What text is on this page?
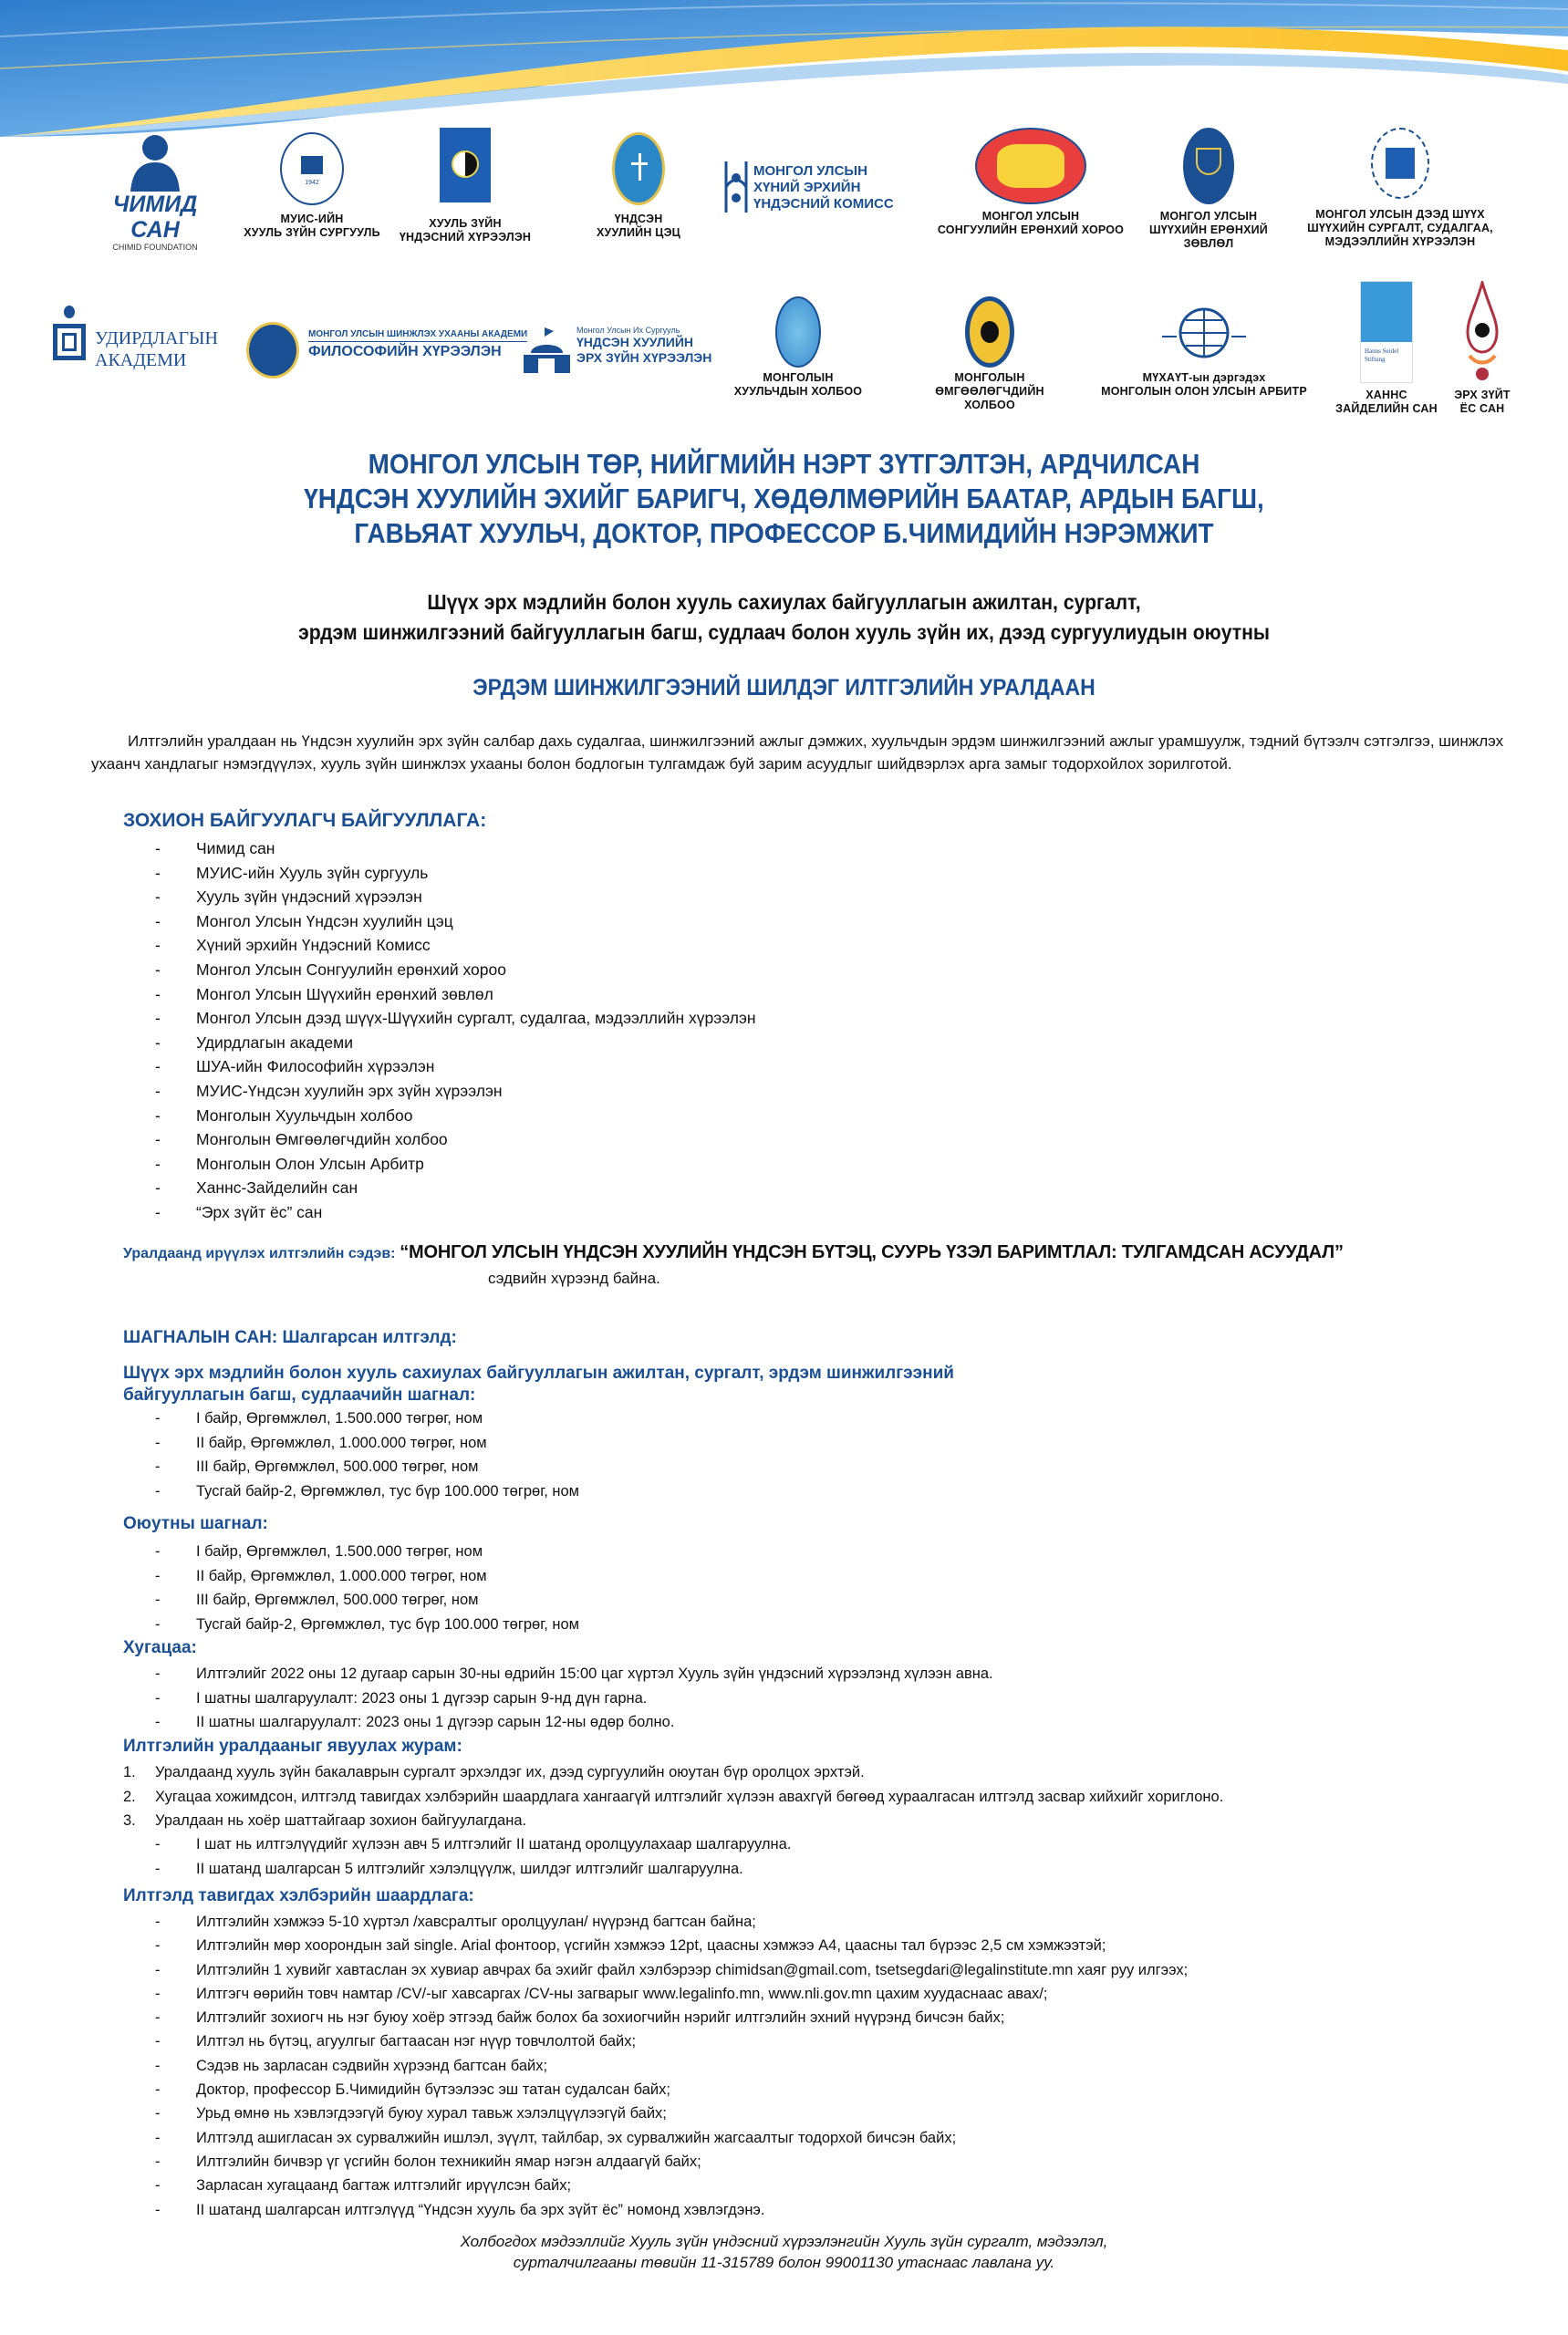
ЧИМИД САН
CHIMID FOUNDATION
1942
МУИС-ИЙН
ХУУЛЬ ЗҮЙН СУРГУУЛЬ
ХУУЛЬ ЗҮЙН
ҮНДЭСНИЙ ХҮРЭЭЛЭН
ҮНДСЭН
ХУУЛИЙН ЦЭЦ
МОНГОЛ УЛСЫН
ХҮНИЙ ЭРХИЙН
ҮНДЭСНИЙ КОМИСС
МОНГОЛ УЛСЫН
СОНГУУЛИЙН ЕРӨНХИЙ ХОРОО
МОНГОЛ УЛСЫН
ШҮҮХИЙН ЕРӨНХИЙ
ЗӨВЛӨЛ
МОНГОЛ УЛСЫН ДЭЭД ШҮҮХ
ШҮҮХИЙН СУРГАЛТ, СУДАЛГАА,
МЭДЭЭЛЛИЙН ХҮРЭЭЛЭН
УДИРДЛАГЫН
АКАДЕМИ
МОНГОЛ УЛСЫН ШИНЖЛЭХ УХААНЫ АКАДЕМИ
ФИЛОСОФИЙН ХҮРЭЭЛЭН
Монгол Улсын Их Сургууль
ҮНДСЭН ХУУЛИЙН
ЭРХ ЗҮЙН ХҮРЭЭЛЭН
МОНГОЛЫН
ХУУЛЬЧДЫН ХОЛБОО
МОНГОЛЫН
ӨМГӨӨЛӨГЧДИЙН ХОЛБОО
МҮХАҮТ-ын дэргэдэх
МОНГОЛЫН ОЛОН УЛСЫН АРБИТР
Hanns Seidel Stiftung
ХАННС
ЗАЙДЕЛИЙН САН
ЭРХ ЗҮЙТ
ЁС САН
МОНГОЛ УЛСЫН ТӨР, НИЙГМИЙН НЭРТ ЗҮТГЭЛТЭН, АРДЧИЛСАН
ҮНДСЭН ХУУЛИЙН ЭХИЙГ БАРИГЧ, ХӨДӨЛМӨРИЙН БААТАР, АРДЫН БАГШ,
ГАВЬЯАТ ХУУЛЬЧ, ДОКТОР, ПРОФЕССОР Б.ЧИМИДИЙН НЭРЭМЖИТ
Шүүх эрх мэдлийн болон хууль сахиулах байгууллагын ажилтан, сургалт,
эрдэм шинжилгээний байгууллагын багш, судлаач болон хууль зүйн их, дээд сургуулиудын оюутны
ЭРДЭМ ШИНЖИЛГЭЭНИЙ ШИЛДЭГ ИЛТГЭЛИЙН УРАЛДААН

Илтгэлийн уралдаан нь Үндсэн хуулийн эрх зүйн салбар дахь судалгаа, шинжилгээний ажлыг дэмжих, хуульчдын эрдэм шинжилгээний ажлыг урамшуулж, тэдний бүтээлч сэтгэлгээ, шинжлэх ухаанч хандлагыг нэмэгдүүлэх, хууль зүйн шинжлэх ухааны болон бодлогын тулгамдаж буй зарим асуудлыг шийдвэрлэх арга замыг тодорхойлох зорилготой.

ЗОХИОН БАЙГУУЛАГЧ БАЙГУУЛЛАГА:
- Чимид сан
- МУИС-ийн Хууль зүйн сургууль
- Хууль зүйн үндэсний хүрээлэн
- Монгол Улсын Үндсэн хуулийн цэц
- Хүний эрхийн Үндэсний Комисс
- Монгол Улсын Сонгуулийн ерөнхий хороо
- Монгол Улсын Шүүхийн ерөнхий зөвлөл
- Монгол Улсын дээд шүүх-Шүүхийн сургалт, судалгаа, мэдээллийн хүрээлэн
- Удирдлагын академи
- ШУА-ийн Философийн хүрээлэн
- МУИС-Үндсэн хуулийн эрх зүйн хүрээлэн
- Монголын Хуульчдын холбоо
- Монголын Өмгөөлөгчдийн холбоо
- Монголын Олон Улсын Арбитр
- Ханнс-Зайделийн сан
- “Эрх зүйт ёс” сан
Уралдаанд ирүүлэх илтгэлийн сэдэв: “МОНГОЛ УЛСЫН ҮНДСЭН ХУУЛИЙН ҮНДСЭН БҮТЭЦ, СУУРЬ ҮЗЭЛ БАРИМТЛАЛ: ТУЛГАМДСАН АСУУДАЛ”
сэдвийн хүрээнд байна.
ШАГНАЛЫН САН: Шалгарсан илтгэлд:
Шүүх эрх мэдлийн болон хууль сахиулах байгууллагын ажилтан, сургалт, эрдэм шинжилгээний
байгууллагын багш, судлаачийн шагнал:
- I байр, Өргөмжлөл, 1.500.000 төгрөг, ном
- II байр, Өргөмжлөл, 1.000.000 төгрөг, ном
- III байр, Өргөмжлөл, 500.000 төгрөг, ном
- Тусгай байр-2, Өргөмжлөл, тус бүр 100.000 төгрөг, ном
Оюутны шагнал:
- I байр, Өргөмжлөл, 1.500.000 төгрөг, ном
- II байр, Өргөмжлөл, 1.000.000 төгрөг, ном
- III байр, Өргөмжлөл, 500.000 төгрөг, ном
- Тусгай байр-2, Өргөмжлөл, тус бүр 100.000 төгрөг, ном
Хугацаа:
- Илтгэлийг 2022 оны 12 дугаар сарын 30-ны өдрийн 15:00 цаг хүртэл Хууль зүйн үндэсний хүрээлэнд хүлээн авна.
- I шатны шалгаруулалт: 2023 оны 1 дүгээр сарын 9-нд дүн гарна.
- II шатны шалгаруулалт: 2023 оны 1 дүгээр сарын 12-ны өдөр болно.
Илтгэлийн уралдааныг явуулах журам:
1. Уралдаанд хууль зүйн бакалаврын сургалт эрхэлдэг их, дээд сургуулийн оюутан бүр оролцох эрхтэй.
2. Хугацаа хожимдсон, илтгэлд тавигдах хэлбэрийн шаардлага хангаагүй илтгэлийг хүлээн авахгүй бөгөөд хураалгасан илтгэлд засвар хийхийг хориглоно.
3. Уралдаан нь хоёр шаттайгаар зохион байгуулагдана.
- I шат нь илтгэлүүдийг хүлээн авч 5 илтгэлийг II шатанд оролцуулахаар шалгаруулна.
- II шатанд шалгарсан 5 илтгэлийг хэлэлцүүлж, шилдэг илтгэлийг шалгаруулна.
Илтгэлд тавигдах хэлбэрийн шаардлага:
- Илтгэлийн хэмжээ 5-10 хүртэл /хавсралтыг оролцуулан/ нүүрэнд багтсан байна;
- Илтгэлийн мөр хоорондын зай single. Arial фонтоор, үсгийн хэмжээ 12pt, цаасны хэмжээ A4, цаасны тал бүрээс 2,5 см хэмжээтэй;
- Илтгэлийн 1 хувийг хавтаслан эх хувиар авчрах ба эхийг файл хэлбэрээр chimidsan@gmail.com, tsetsegdari@legalinstitute.mn хаяг руу илгээх;
- Илтгэгч өөрийн товч намтар /CV/-ыг хавсаргах /CV-ны загварыг www.legalinfo.mn, www.nli.gov.mn цахим хуудаснаас авах/;
- Илтгэлийг зохиогч нь нэг буюу хоёр этгээд байж болох ба зохиогчийн нэрийг илтгэлийн эхний нүүрэнд бичсэн байх;
- Илтгэл нь бүтэц, агуулгыг багтаасан нэг нүүр товчлолтой байх;
- Сэдэв нь зарласан сэдвийн хүрээнд багтсан байх;
- Доктор, профессор Б.Чимидийн бүтээлээс эш татан судалсан байх;
- Урьд өмнө нь хэвлэгдээгүй буюу хурал тавьж хэлэлцүүлээгүй байх;
- Илтгэлд ашигласан эх сурвалжийн ишлэл, зүүлт, тайлбар, эх сурвалжийн жагсаалтыг тодорхой бичсэн байх;
- Илтгэлийн бичвэр үг үсгийн болон техникийн ямар нэгэн алдаагүй байх;
- Зарласан хугацаанд багтаж илтгэлийг ирүүлсэн байх;
- II шатанд шалгарсан илтгэлүүд “Үндсэн хууль ба эрх зүйт ёс” номонд хэвлэгдэнэ.
Холбогдох мэдээллийг Хууль зүйн үндэсний хүрээлэнгийн Хууль зүйн сургалт, мэдээлэл,
сурталчилгааны төвийн 11-315789 болон 99001130 утаснаас лавлана уу.
